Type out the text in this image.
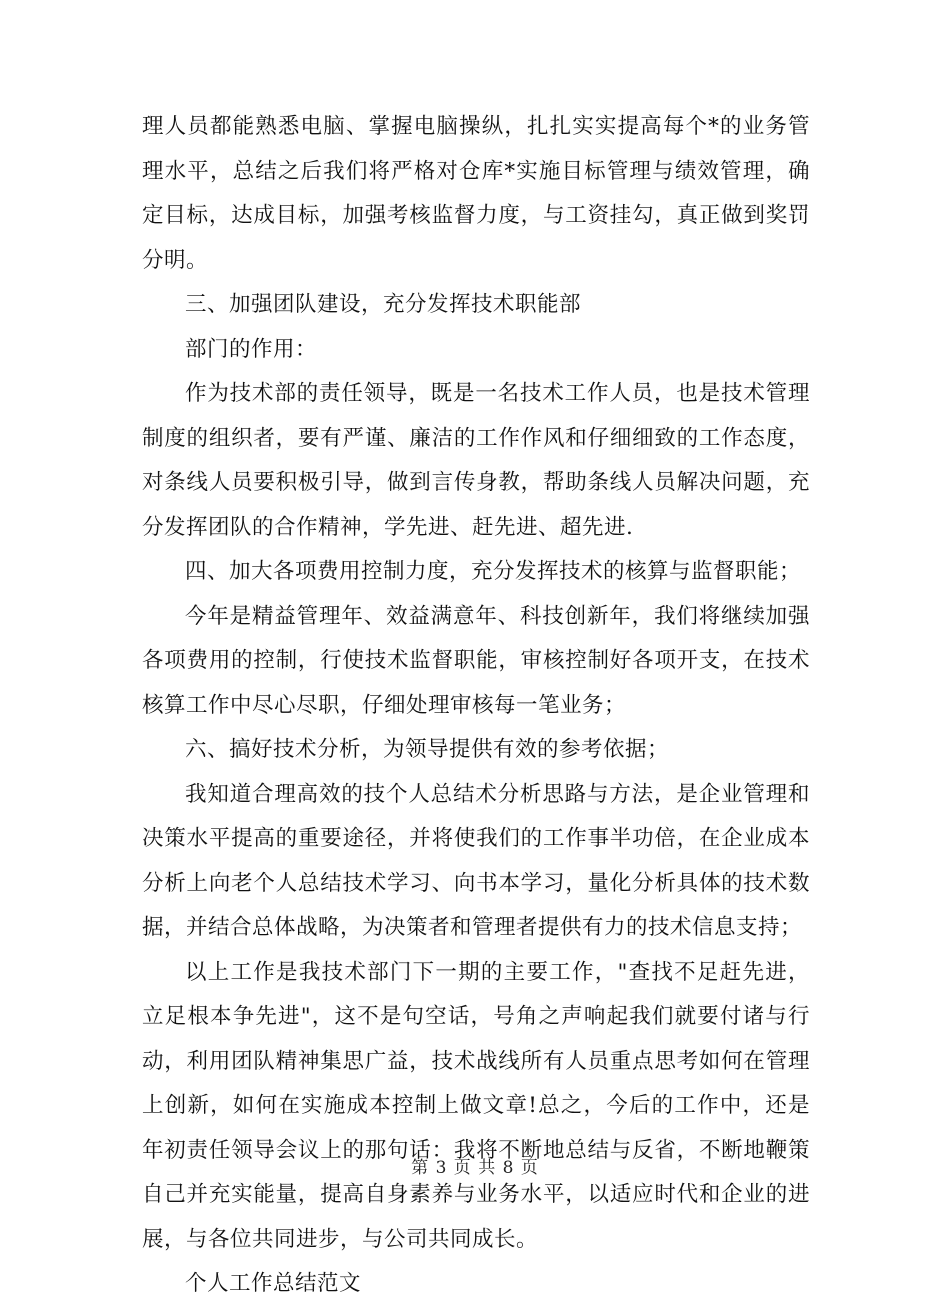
理人员都能熟悉电脑、掌握电脑操纵，扎扎实实提高每个*的业务管理水平，总结之后我们将严格对仓库*实施目标管理与绩效管理，确定目标，达成目标，加强考核监督力度，与工资挂勾，真正做到奖罚分明。

三、加强团队建设，充分发挥技术职能部

部门的作用：

作为技术部的责任领导，既是一名技术工作人员，也是技术管理制度的组织者，要有严谨、廉洁的工作作风和仔细细致的工作态度，对条线人员要积极引导，做到言传身教，帮助条线人员解决问题，充分发挥团队的合作精神，学先进、赶先进、超先进.

四、加大各项费用控制力度，充分发挥技术的核算与监督职能；

今年是精益管理年、效益满意年、科技创新年，我们将继续加强各项费用的控制，行使技术监督职能，审核控制好各项开支，在技术核算工作中尽心尽职，仔细处理审核每一笔业务；

六、搞好技术分析，为领导提供有效的参考依据；

我知道合理高效的技个人总结术分析思路与方法，是企业管理和决策水平提高的重要途径，并将使我们的工作事半功倍，在企业成本分析上向老个人总结技术学习、向书本学习，量化分析具体的技术数据，并结合总体战略，为决策者和管理者提供有力的技术信息支持；

以上工作是我技术部门下一期的主要工作，"查找不足赶先进，立足根本争先进"，这不是句空话，号角之声响起我们就要付诸与行动，利用团队精神集思广益，技术战线所有人员重点思考如何在管理上创新，如何在实施成本控制上做文章!总之，今后的工作中，还是年初责任领导会议上的那句话：我将不断地总结与反省，不断地鞭策自己并充实能量，提高自身素养与业务水平，以适应时代和企业的进展，与各位共同进步，与公司共同成长。

个人工作总结范文

第 3 页 共 8 页
